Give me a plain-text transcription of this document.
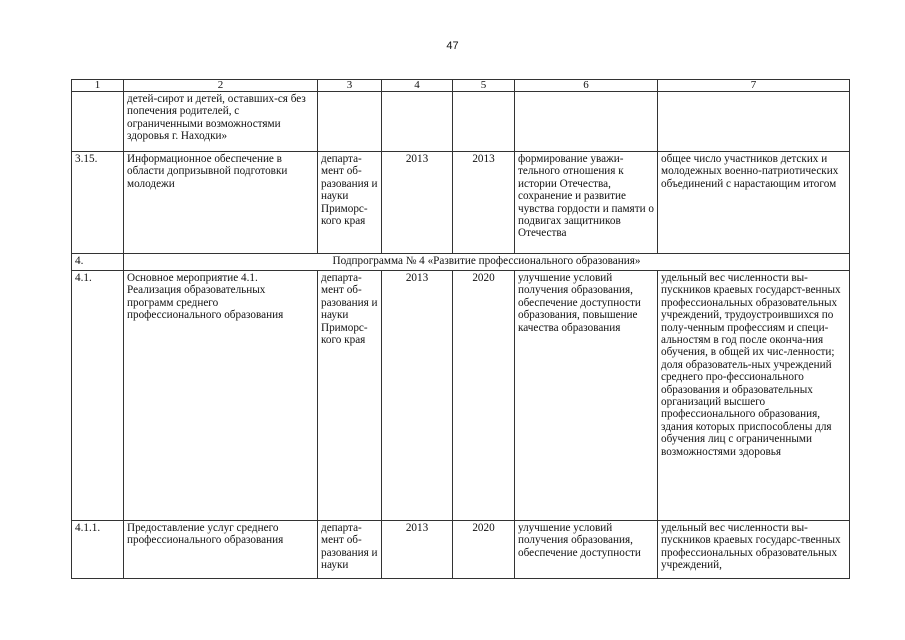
47
1	2	3	4	5	6	7
	детей-сирот и детей, оставших-ся без попечения родителей, с ограниченными возможностями здоровья г. Находки»					
3.15.	Информационное обеспечение в области допризывной подготовки молодежи	департа-мент об-разования и науки Приморс-кого края	2013	2013	формирование уважи-тельного отношения к истории Отечества, сохранение и развитие чувства гордости и памяти о подвигах защитников Отечества	общее число участников детских и молодежных военно-патриотических объединений с нарастающим итогом
4.	Подпрограмма № 4 «Развитие профессионального образования»					
4.1.	Основное мероприятие 4.1. Реализация образовательных программ среднего профессионального образования	департа-мент об-разования и науки Приморс-кого края	2013	2020	улучшение условий получения образования, обеспечение доступности образования, повышение качества образования	удельный вес численности вы-пускников краевых государст-венных профессиональных образовательных учреждений, трудоустроившихся по полу-ченным профессиям и специ-альностям в год после оконча-ния обучения, в общей их чис-ленности; доля образователь-ных учреждений среднего про-фессионального образования и образовательных организаций высшего профессионального образования, здания которых приспособлены для обучения лиц с ограниченными возможностями здоровья
4.1.1.	Предоставление услуг среднего профессионального образования	департа-мент об-разования и науки	2013	2020	улучшение условий получения образования, обеспечение доступности	удельный вес численности вы-пускников краевых государс-твенных профессиональных образовательных учреждений,
